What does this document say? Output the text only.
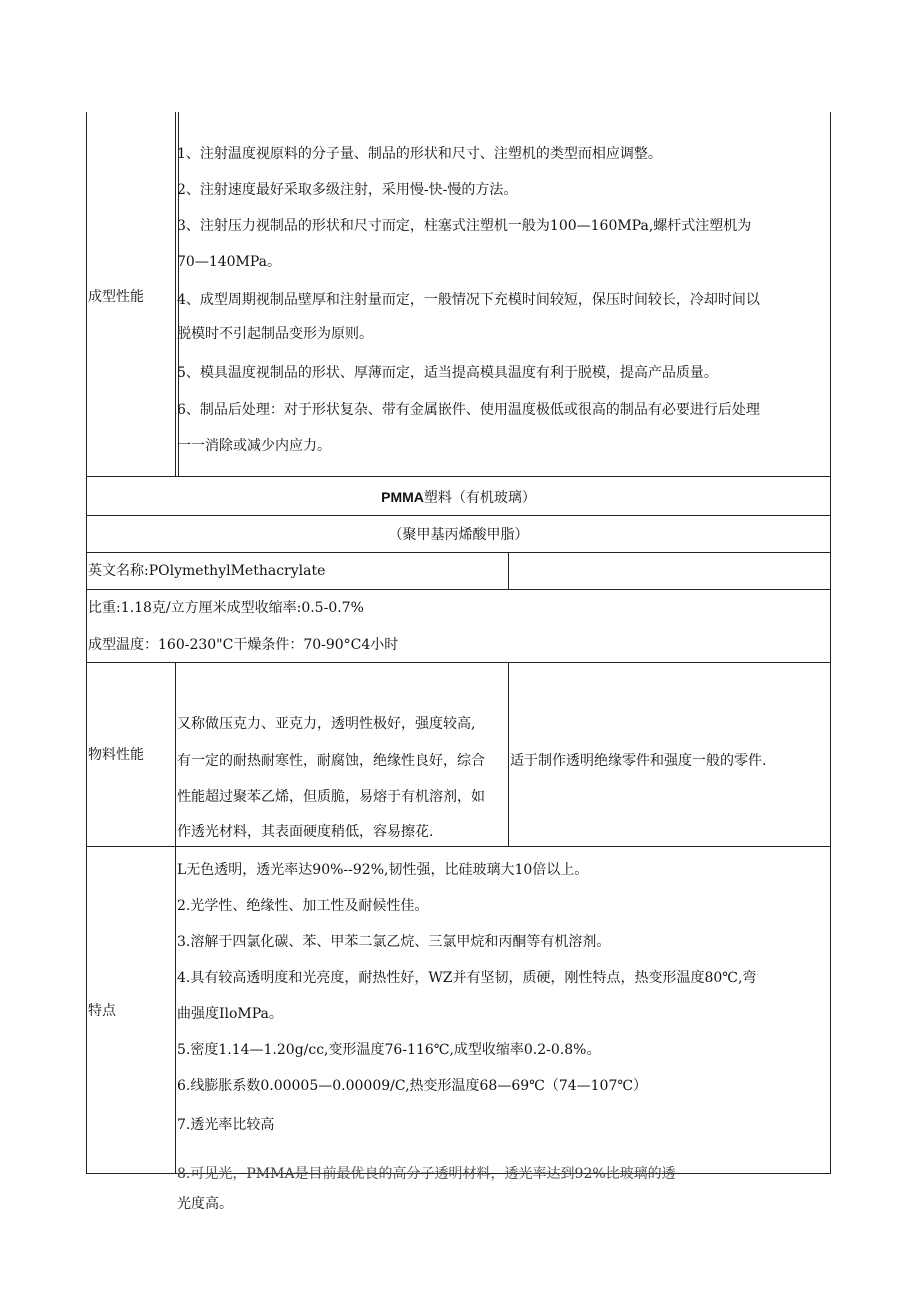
成型性能
1、注射温度视原料的分子量、制品的形状和尺寸、注塑机的类型而相应调整。
2、注射速度最好采取多级注射，采用慢-快-慢的方法。
3、注射压力视制品的形状和尺寸而定，柱塞式注塑机一般为100—160MPa,螺杆式注塑机为
70—140MPa。
4、成型周期视制品壁厚和注射量而定，一般情况下充模时间较短，保压时间较长，冷却时间以
脱模时不引起制品变形为原则。
5、模具温度视制品的形状、厚薄而定，适当提高模具温度有利于脱模，提高产品质量。
6、制品后处理：对于形状复杂、带有金属嵌件、使用温度极低或很高的制品有必要进行后处理
一一消除或减少内应力。
PMMA塑料（有机玻璃）
（聚甲基丙烯酸甲脂）
英文名称:POlymethylMethacrylate
比重:1.18克/立方厘米成型收缩率:0.5-0.7%
成型温度：160-230"C干燥条件：70-90°C4小时
物料性能
又称做压克力、亚克力，透明性极好，强度较高,
有一定的耐热耐寒性，耐腐蚀，绝缘性良好，综合
性能超过聚苯乙烯，但质脆，易熔于有机溶剂，如
作透光材料，其表面硬度稍低，容易擦花.
适于制作透明绝缘零件和强度一般的零件.
特点
L无色透明，透光率达90%--92%,韧性强，比硅玻璃大10倍以上。
2.光学性、绝缘性、加工性及耐候性佳。
3.溶解于四氯化碳、苯、甲苯二氯乙烷、三氯甲烷和丙酮等有机溶剂。
4.具有较高透明度和光亮度，耐热性好，WZ并有坚韧，质硬，刚性特点，热变形温度80℃,弯
曲强度IloMPa。
5.密度1.14—1.20g∕cc,变形温度76-116℃,成型收缩率0.2-0.8%。
6.线膨胀系数0.00005—0.00009/C,热变形温度68—69℃（74—107℃）
7.透光率比较高
8.可见光，PMMA是目前最优良的高分子透明材料，透光率达到92%比玻璃的透
光度高。
